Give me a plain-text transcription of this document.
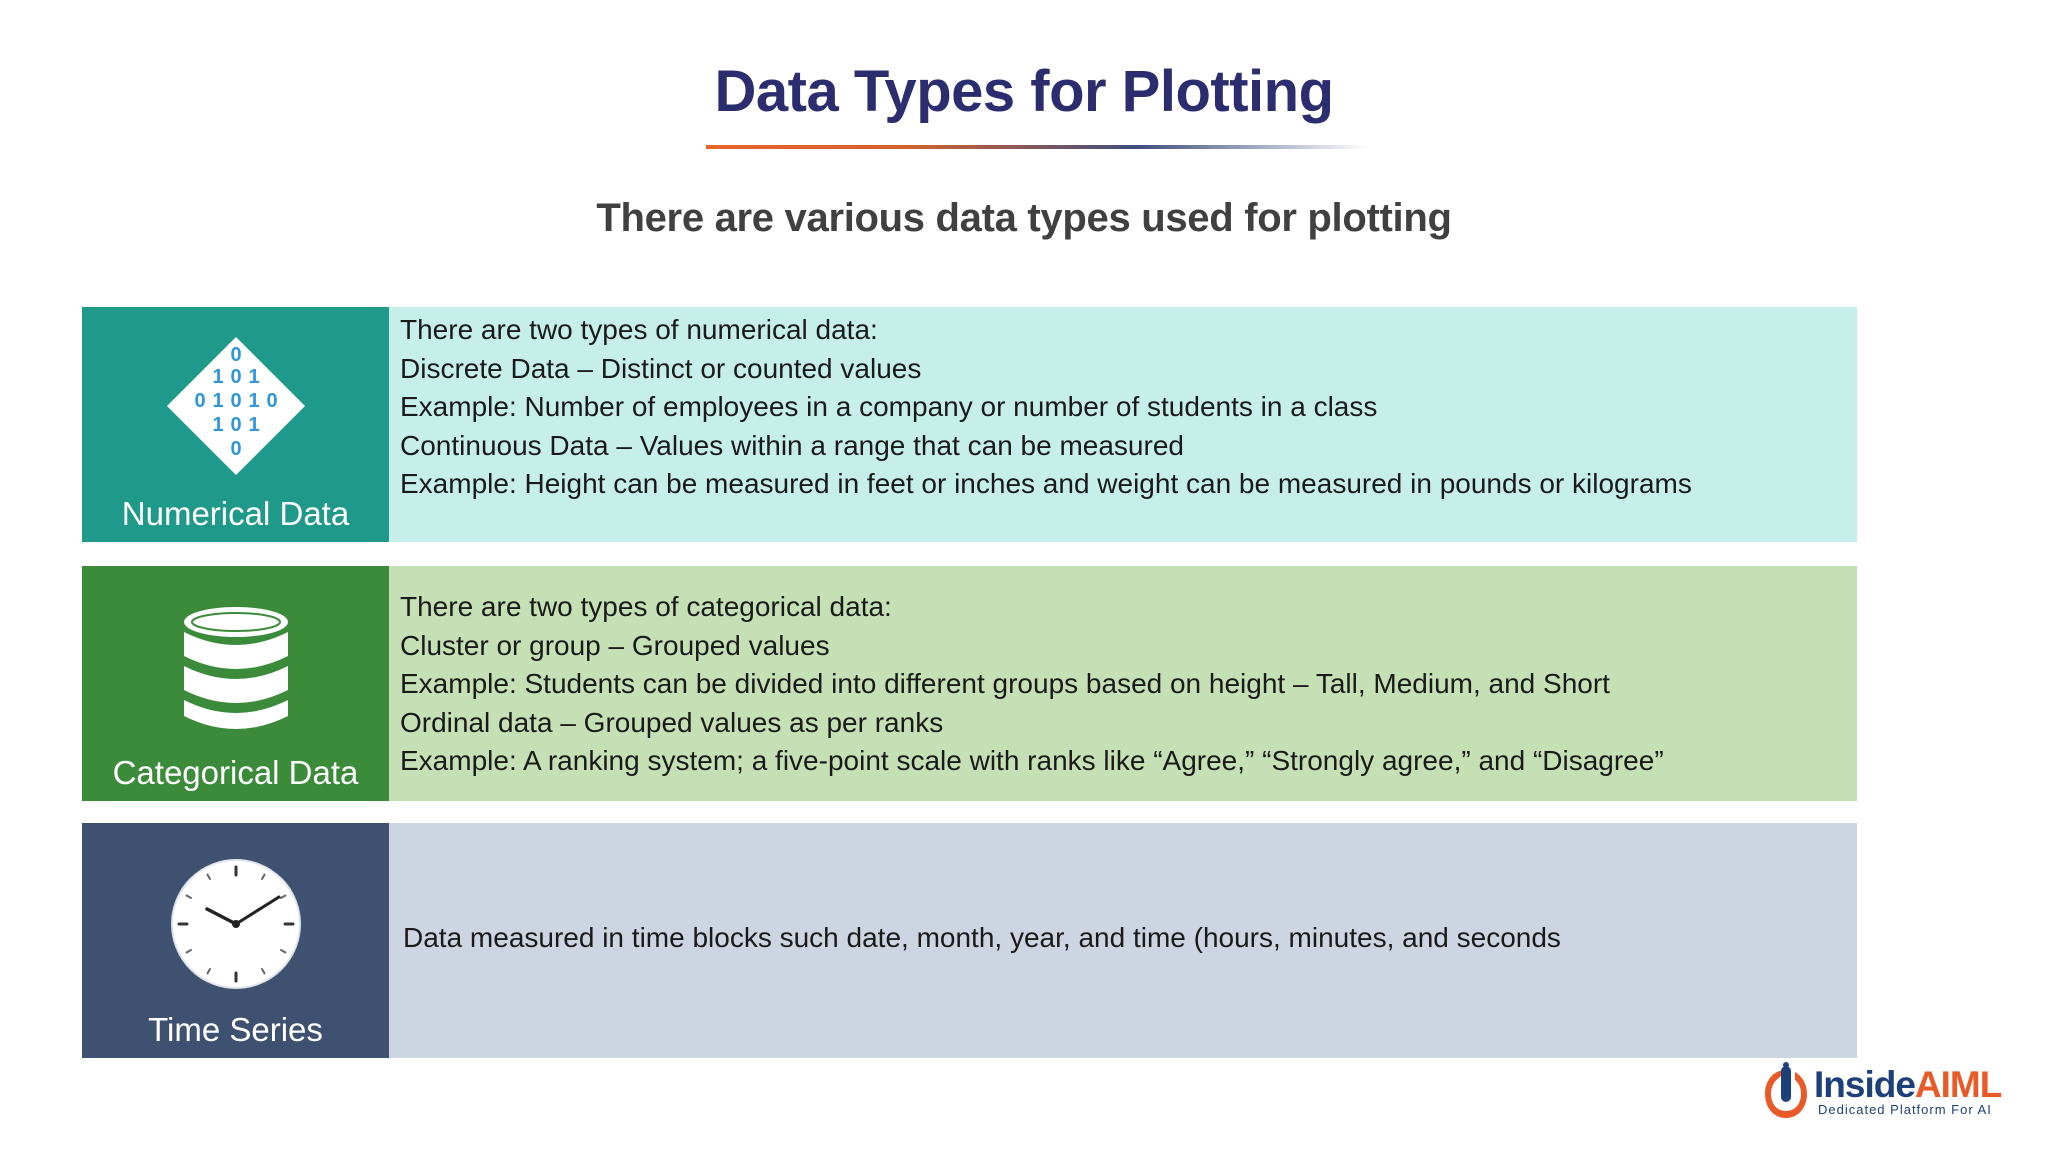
Data Types for Plotting
There are various data types used for plotting
0
1 0 1
0 1 0 1 0
1 0 1
0
Numerical Data
There are two types of numerical data:
Discrete Data – Distinct or counted values
Example: Number of employees in a company or number of students in a class
Continuous Data – Values within a range that can be measured
Example: Height can be measured in feet or inches and weight can be measured in pounds or kilograms
Categorical Data
There are two types of categorical data:
Cluster or group – Grouped values
Example: Students can be divided into different groups based on height – Tall, Medium, and Short
Ordinal data – Grouped values as per ranks
Example: A ranking system; a five-point scale with ranks like “Agree,” “Strongly agree,” and “Disagree”
Time Series
Data measured in time blocks such date, month, year, and time (hours, minutes, and seconds
InsideAIML
Dedicated Platform For AI
